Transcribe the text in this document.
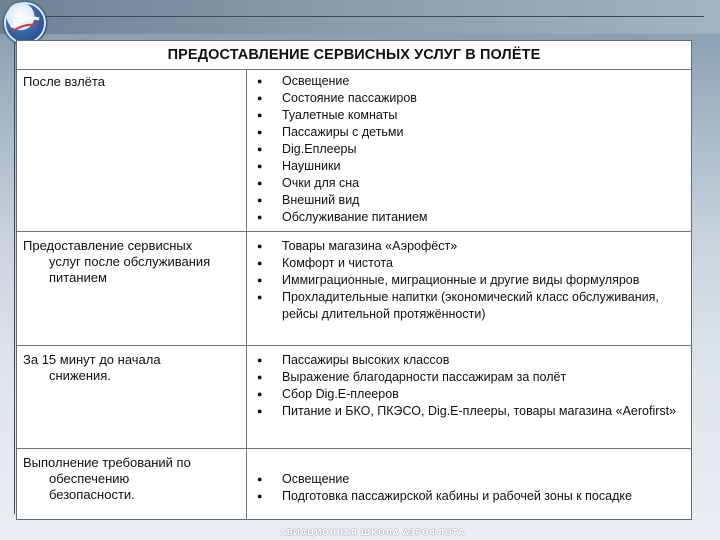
ПРЕДОСТАВЛЕНИЕ СЕРВИСНЫХ УСЛУГ В ПОЛЁТЕ
После взлёта	● Освещение
● Состояние пассажиров
● Туалетные комнаты
● Пассажиры с детьми
● Dig.Еплееры
● Наушники
● Очки для сна
● Внешний вид
● Обслуживание питанием
Предоставление сервисных
услуг после обслуживания
питанием
● Товары магазина «Аэрофёст»
● Комфорт и чистота
● Иммиграционные, миграционные и другие виды формуляров
● Прохладительные напитки (экономический класс обслуживания, рейсы длительной протяжённости)
За 15 минут до начала
снижения.
● Пассажиры высоких классов
● Выражение благодарности пассажирам за полёт
● Сбор Dig.E-плееров
● Питание и БКО, ПКЭСО, Dig.E-плееры, товары магазина «Aerofirst»
Выполнение требований по
обеспечению
безопасности.
● Освещение
● Подготовка пассажирской кабины и рабочей зоны к посадке
АВИАЦИОННАЯ ШКОЛА АЭРОФЛОТА
